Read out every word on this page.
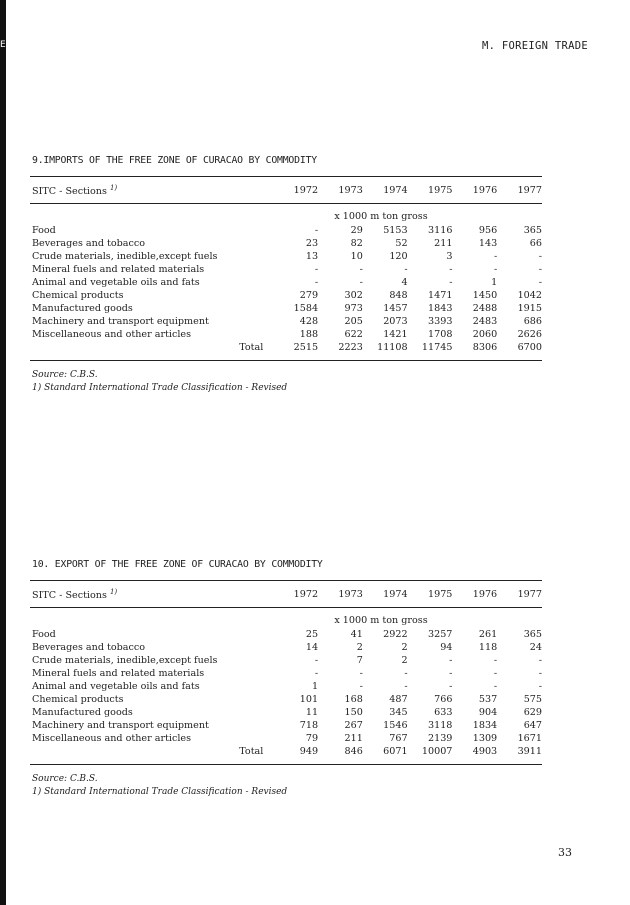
E	M. FOREIGN TRADE
9.IMPORTS OF THE FREE ZONE OF CURACAO BY COMMODITY
SITC - Sections $^{1)}$	1972	1973	1974	1975	1976	1977

x 1000 m ton gross						
Food	-	29	5153	3116	956	365
Beverages and tobacco	23	82	52	211	143	66
Crude materials, inedible,except fuels	13	10	120	3	-	-
Mineral fuels and related materials	-	-	-	-	-	-
Animal and vegetable oils and fats	-	-	4	-	1	-
Chemical products	279	302	848	1471	1450	1042
Manufactured goods	1584	973	1457	1843	2488	1915
Machinery and transport equipment	428	205	2073	3393	2483	686
Miscellaneous and other articles	188	622	1421	1708	2060	2626
Total	2515	2223	11108	11745	8306	6700
Source: C.B.S.
1) Standard International Trade Classification - Revised
10. EXPORT OF THE FREE ZONE OF CURACAO BY COMMODITY
SITC - Sections $^{1)}$	1972	1973	1974	1975	1976	1977

x 1000 m ton gross						
Food	25	41	2922	3257	261	365
Beverages and tobacco	14	2	2	94	118	24
Crude materials, inedible,except fuels	-	7	2	-	-	-
Mineral fuels and related materials	-	-	-	-	-	-
Animal and vegetable oils and fats	1	-	-	-	-	-
Chemical products	101	168	487	766	537	575
Manufactured goods	11	150	345	633	904	629
Machinery and transport equipment	718	267	1546	3118	1834	647
Miscellaneous and other articles	79	211	767	2139	1309	1671
Total	949	846	6071	10007	4903	3911
Source: C.B.S.
1) Standard International Trade Classification - Revised
33
